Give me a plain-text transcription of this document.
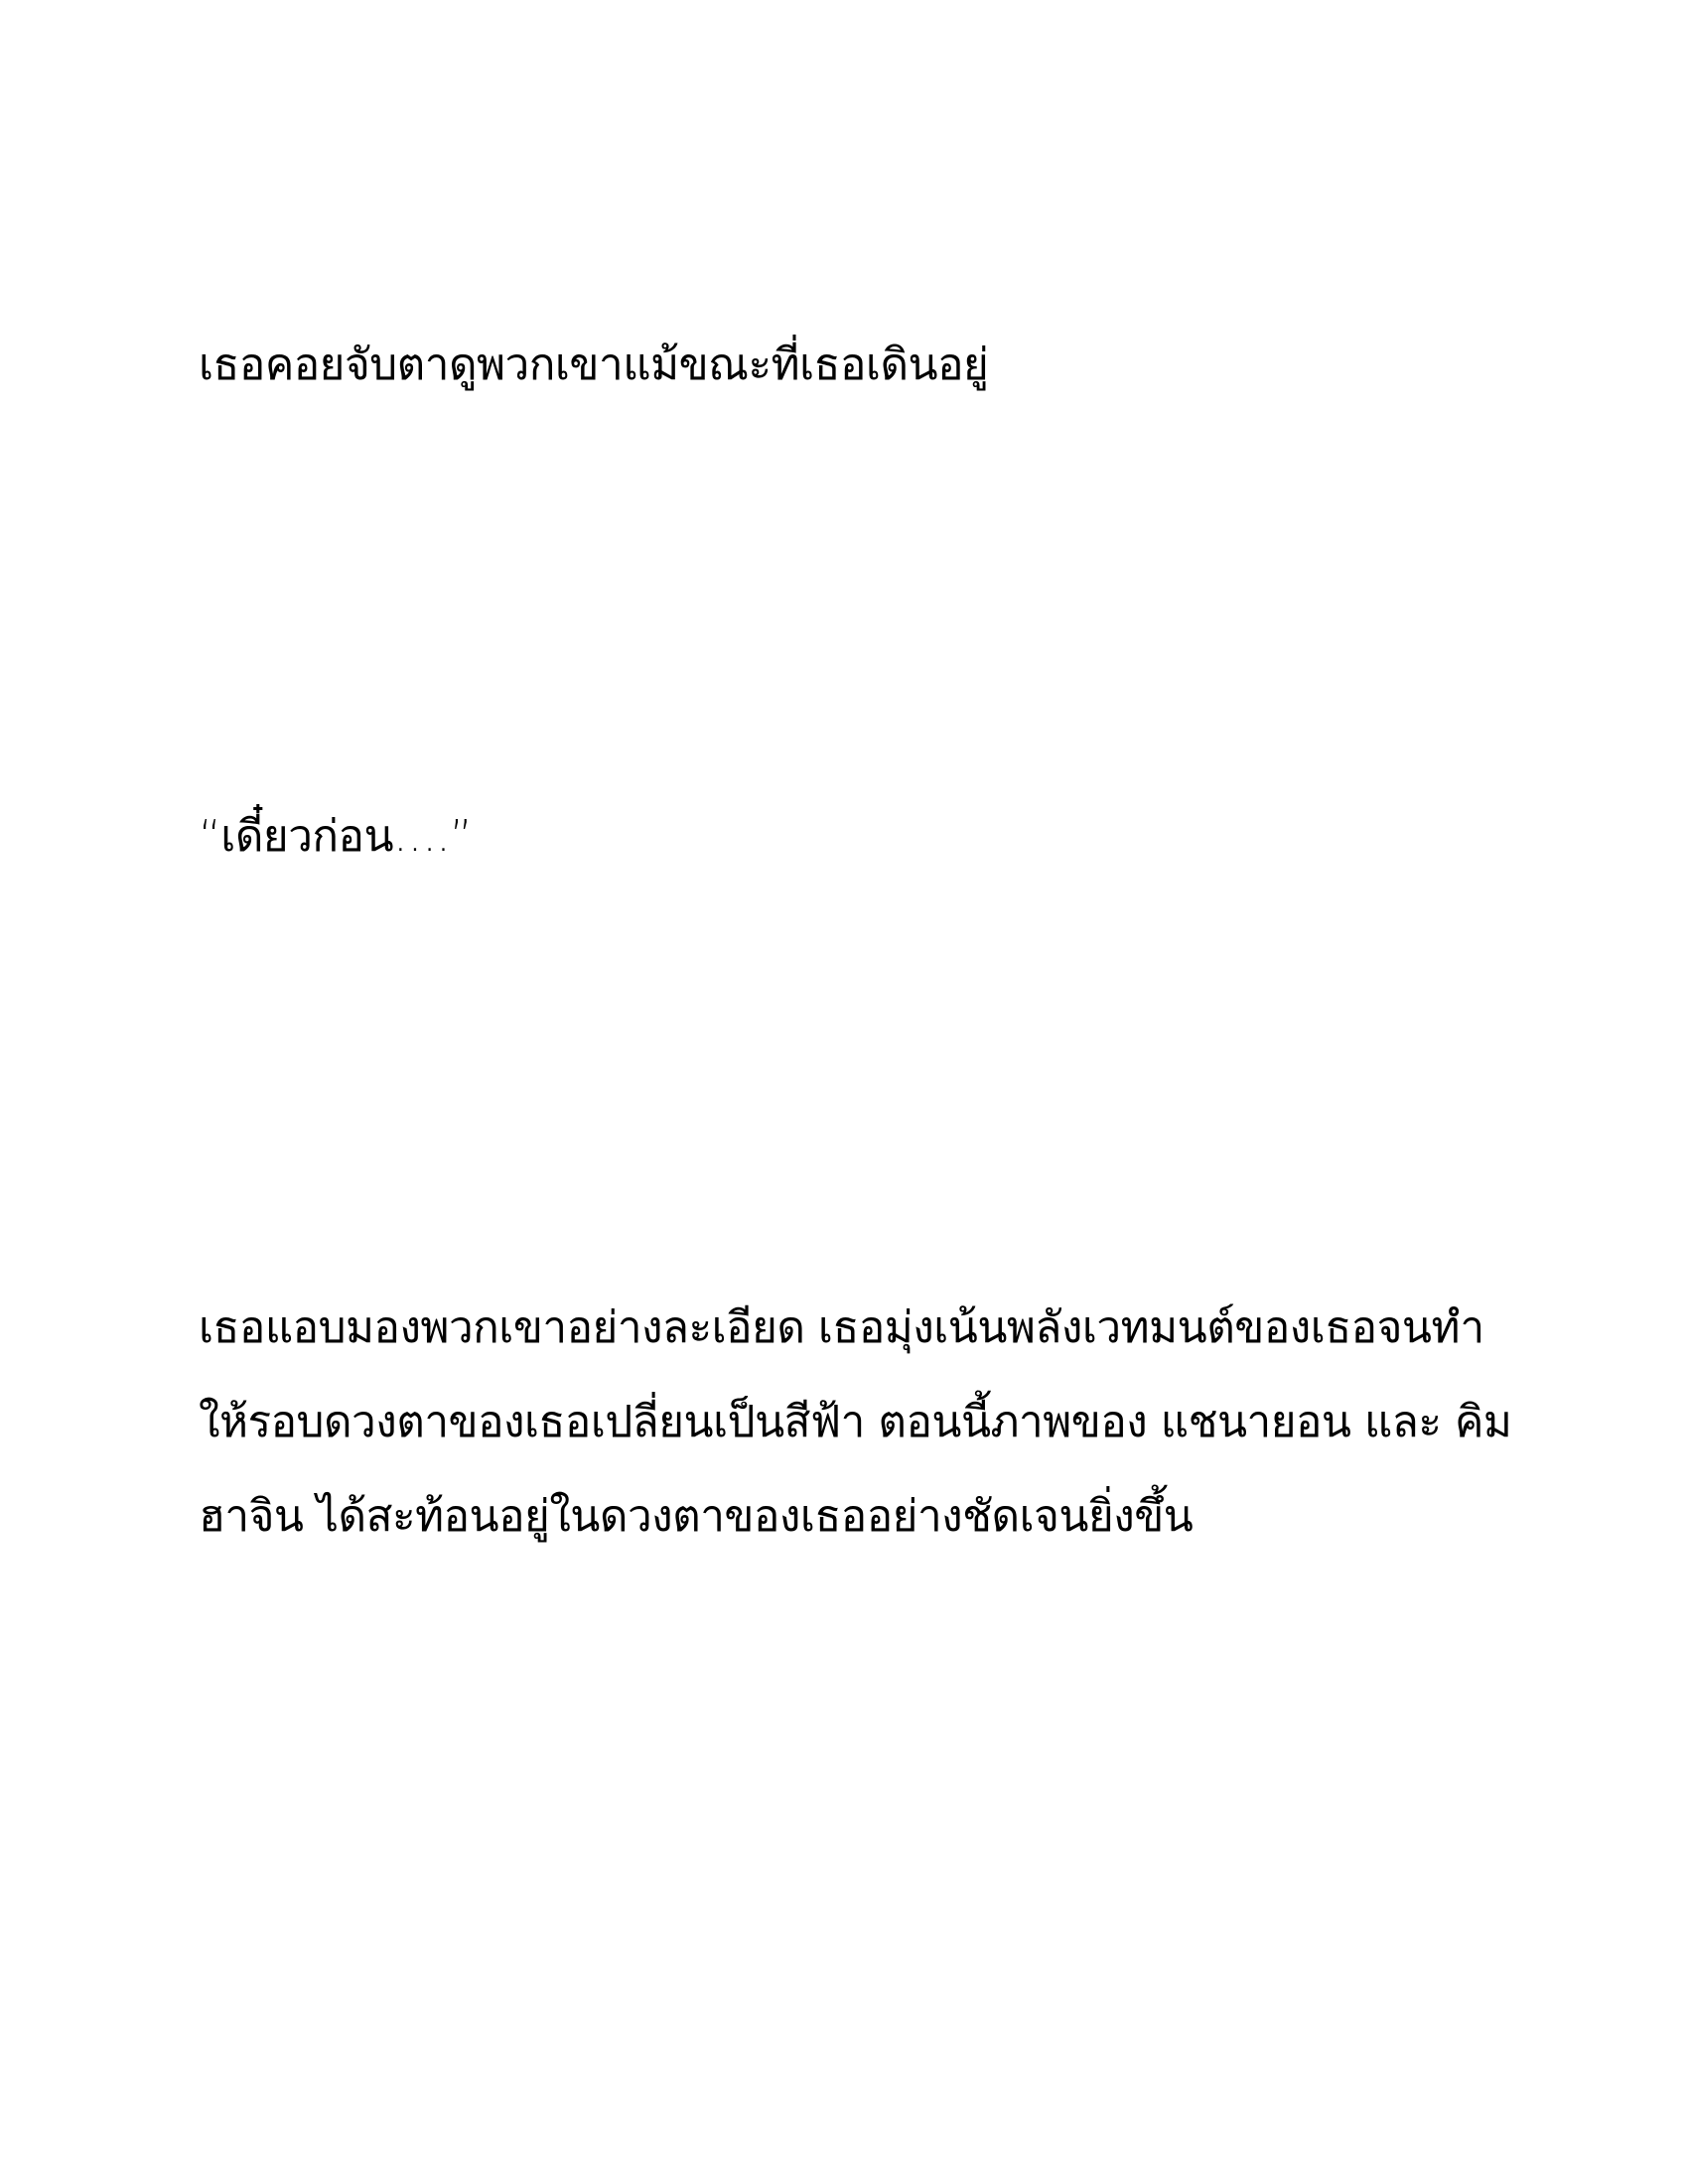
เธอคอยจับตาดูพวกเขาแม้ขณะที่เธอเดินอยู่

“เดี๋ยวก่อน….”

เธอแอบมองพวกเขาอย่างละเอียด เธอมุ่งเน้นพลังเวทมนต์ของเธอจนทำ
ให้รอบดวงตาของเธอเปลี่ยนเป็นสีฟ้า ตอนนี้ภาพของ แชนายอน และ คิม
ฮาจิน ได้สะท้อนอยู่ในดวงตาของเธออย่างชัดเจนยิ่งขึ้น
